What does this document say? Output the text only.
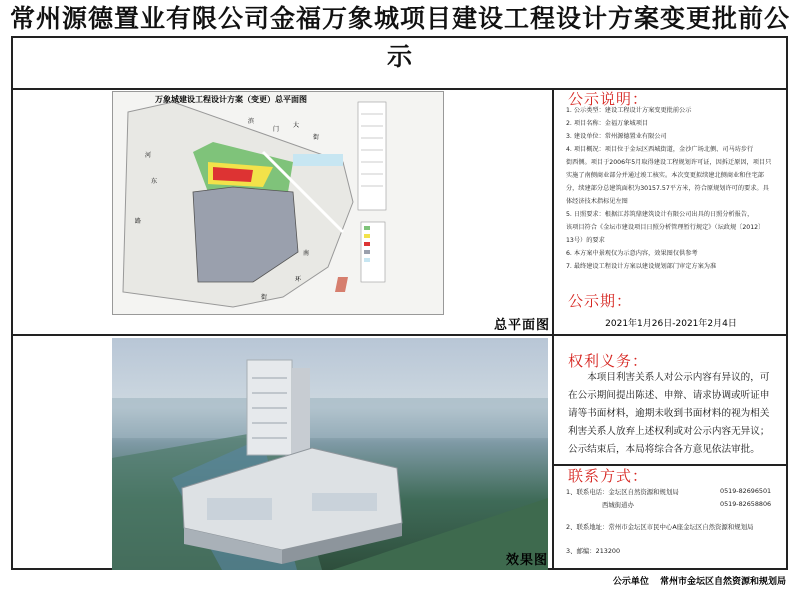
常州源德置业有限公司金福万象城项目建设工程设计方案变更批前公示
万象城建设工程设计方案（变更）总平面图
滨
门
大
街
河
东
路
南
街
环
总平面图
效果图
公示说明：
1. 公示类型：建设工程设计方案变更批前公示
2. 项目名称：金福万象城项目
3. 建设单位：常州源德置业有限公司
4. 项目概况：项目位于金坛区西城街道，金沙广场北侧、司马坊步行
街西侧。项目于2006年5月取得建设工程规划许可证，因拆迁原因，项目只
实施了南侧商业部分并通过竣工核实。本次变更拟续建北侧商业和住宅部
分，续建部分总建筑面积为30157.57平方米，符合原规划许可的要求。具
体经济技术指标见左图
5. 日照要求：根据江苏筑鼎建筑设计有限公司出具的日照分析报告，
该项目符合《金坛市建设项目日照分析管理暂行规定》（坛政规〔2012〕
13号）的要求
6. 本方案中景观仅为示意内容，效果图仅供参考
7. 最终建设工程设计方案以建设规划部门审定方案为准
公示期：
2021年1月26日-2021年2月4日
权利义务：
本项目利害关系人对公示内容有异议的，可在公示期间提出陈述、申辩、请求协调或听证申请等书面材料，逾期未收到书面材料的视为相关利害关系人放弃上述权利或对公示内容无异议；公示结束后，本局将综合各方意见依法审批。
联系方式：
1、联系电话：金坛区自然资源和规划局	0519-82696501
西城街道办	0519-82658806
2、联系地址：常州市金坛区市民中心A座金坛区自然资源和规划局
3、邮编：213200
公示单位 常州市金坛区自然资源和规划局
